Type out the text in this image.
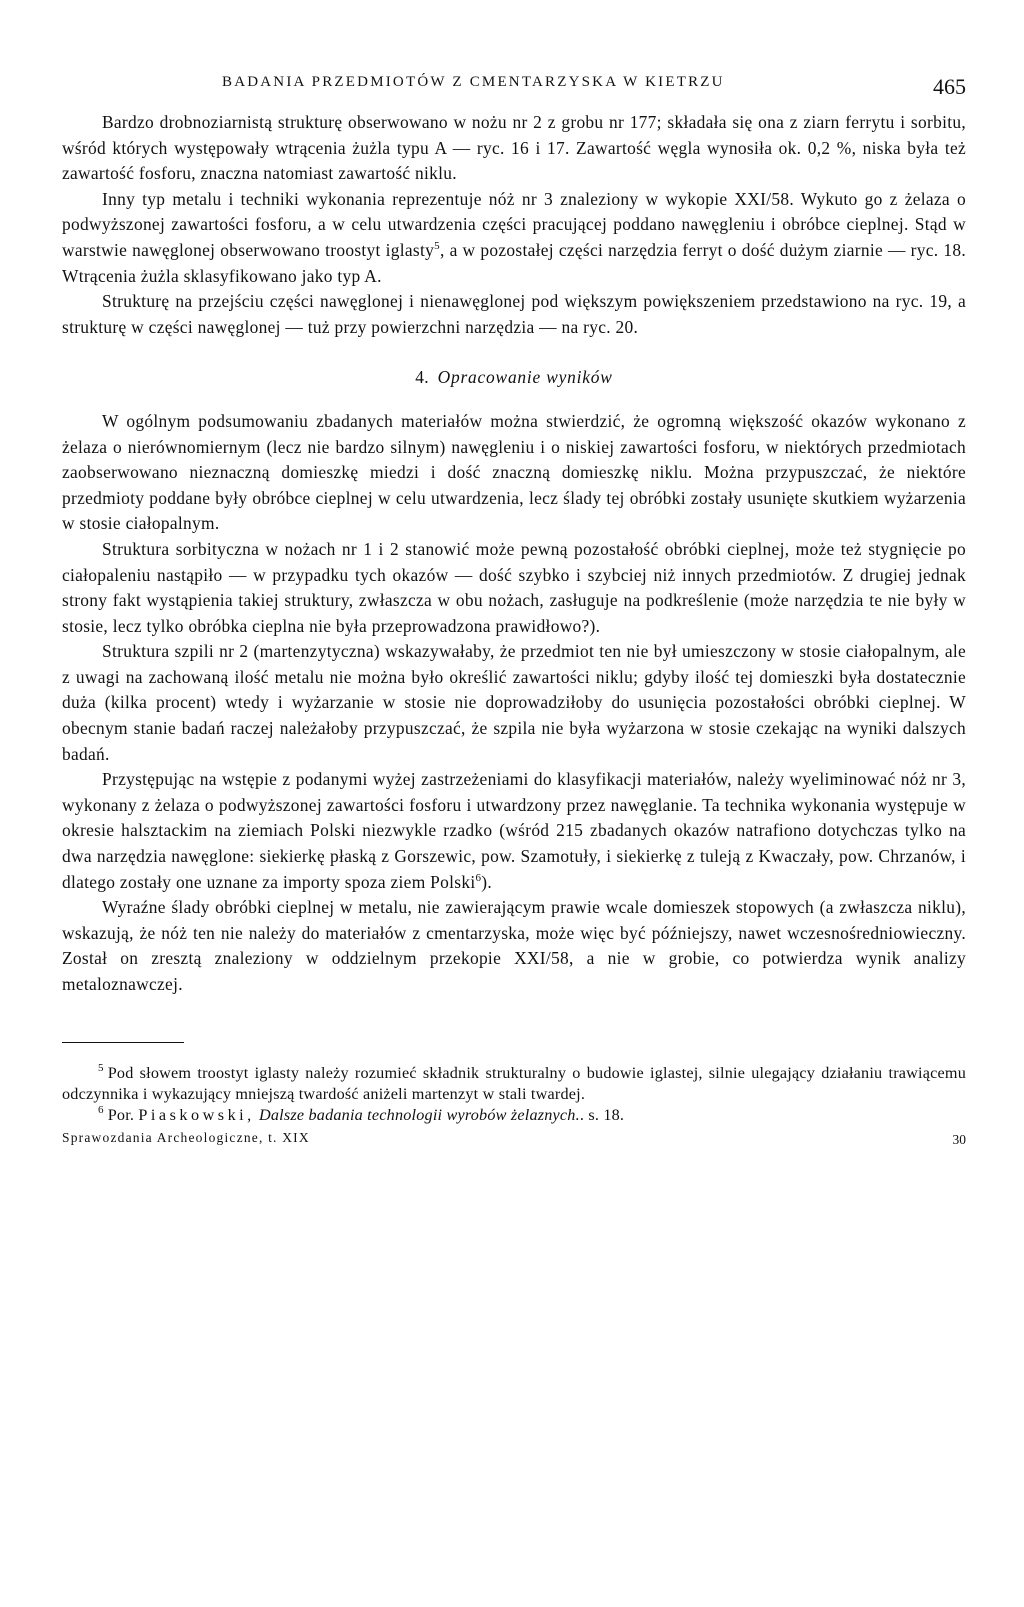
BADANIA PRZEDMIOTÓW Z CMENTARZYSKA W KIETRZU	465

Bardzo drobnoziarnistą strukturę obserwowano w nożu nr 2 z grobu nr 177; składała się ona z ziarn ferrytu i sorbitu, wśród których występowały wtrącenia żużla typu A — ryc. 16 i 17. Zawartość węgla wynosiła ok. 0,2 %, niska była też zawartość fosforu, znaczna natomiast zawartość niklu.

Inny typ metalu i techniki wykonania reprezentuje nóż nr 3 znaleziony w wykopie XXI/58. Wykuto go z żelaza o podwyższonej zawartości fosforu, a w celu utwardzenia części pracującej poddano nawęgleniu i obróbce cieplnej. Stąd w warstwie nawęglonej obserwowano troostyt iglasty$^5$, a w pozostałej części narzędzia ferryt o dość dużym ziarnie — ryc. 18. Wtrącenia żużla sklasyfikowano jako typ A.

Strukturę na przejściu części nawęglonej i nienawęglonej pod większym powiększeniem przedstawiono na ryc. 19, a strukturę w części nawęglonej — tuż przy powierzchni narzędzia — na ryc. 20.

4. Opracowanie wyników

W ogólnym podsumowaniu zbadanych materiałów można stwierdzić, że ogromną większość okazów wykonano z żelaza o nierównomiernym (lecz nie bardzo silnym) nawęgleniu i o niskiej zawartości fosforu, w niektórych przedmiotach zaobserwowano nieznaczną domieszkę miedzi i dość znaczną domieszkę niklu. Można przypuszczać, że niektóre przedmioty poddane były obróbce cieplnej w celu utwardzenia, lecz ślady tej obróbki zostały usunięte skutkiem wyżarzenia w stosie ciałopalnym.

Struktura sorbityczna w nożach nr 1 i 2 stanowić może pewną pozostałość obróbki cieplnej, może też stygnięcie po ciałopaleniu nastąpiło — w przypadku tych okazów — dość szybko i szybciej niż innych przedmiotów. Z drugiej jednak strony fakt wystąpienia takiej struktury, zwłaszcza w obu nożach, zasługuje na podkreślenie (może narzędzia te nie były w stosie, lecz tylko obróbka cieplna nie była przeprowadzona prawidłowo?).

Struktura szpili nr 2 (martenzytyczna) wskazywałaby, że przedmiot ten nie był umieszczony w stosie ciałopalnym, ale z uwagi na zachowaną ilość metalu nie można było określić zawartości niklu; gdyby ilość tej domieszki była dostatecznie duża (kilka procent) wtedy i wyżarzanie w stosie nie doprowadziłoby do usunięcia pozostałości obróbki cieplnej. W obecnym stanie badań raczej należałoby przypuszczać, że szpila nie była wyżarzona w stosie czekając na wyniki dalszych badań.

Przystępując na wstępie z podanymi wyżej zastrzeżeniami do klasyfikacji materiałów, należy wyeliminować nóż nr 3, wykonany z żelaza o podwyższonej zawartości fosforu i utwardzony przez nawęglanie. Ta technika wykonania występuje w okresie halsztackim na ziemiach Polski niezwykle rzadko (wśród 215 zbadanych okazów natrafiono dotychczas tylko na dwa narzędzia nawęglone: siekierkę płaską z Gorszewic, pow. Szamotuły, i siekierkę z tuleją z Kwaczały, pow. Chrzanów, i dlatego zostały one uznane za importy spoza ziem Polski$^6$).

Wyraźne ślady obróbki cieplnej w metalu, nie zawierającym prawie wcale domieszek stopowych (a zwłaszcza niklu), wskazują, że nóż ten nie należy do materiałów z cmentarzyska, może więc być późniejszy, nawet wczesnośredniowieczny. Został on zresztą znaleziony w oddzielnym przekopie XXI/58, a nie w grobie, co potwierdza wynik analizy metaloznawczej.

$^5$ Pod słowem troostyt iglasty należy rozumieć składnik strukturalny o budowie iglastej, silnie ulegający działaniu trawiącemu odczynnika i wykazujący mniejszą twardość aniżeli martenzyt w stali twardej.

$^6$ Por. Piaskowski, Dalsze badania technologii wyrobów żelaznych.. s. 18.

Sprawozdania Archeologiczne, t. XIX	30
